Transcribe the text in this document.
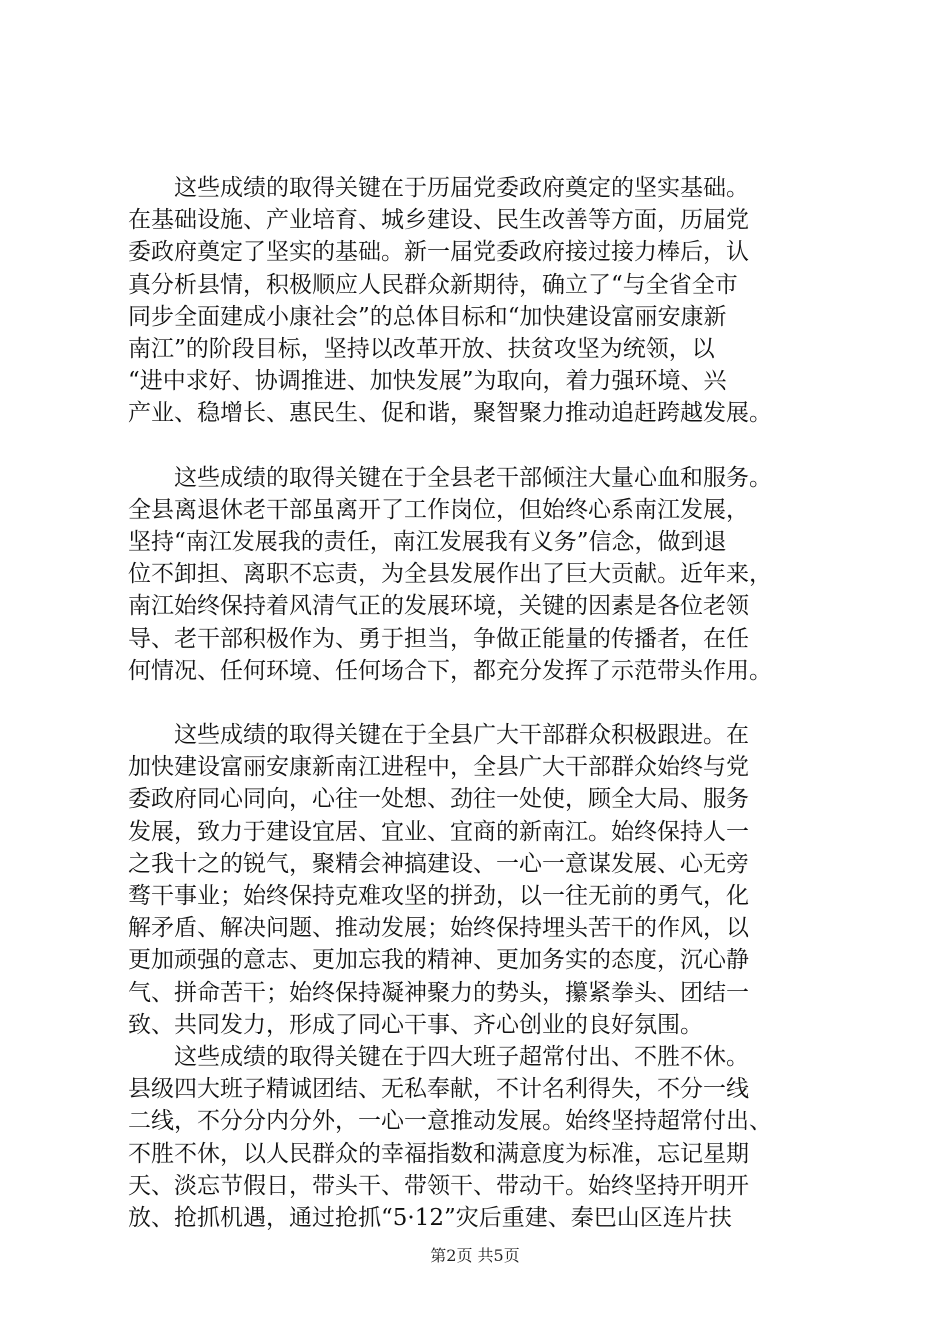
这些成绩的取得关键在于历届党委政府奠定的坚实基础。
在基础设施、产业培育、城乡建设、民生改善等方面，历届党
委政府奠定了坚实的基础。新一届党委政府接过接力棒后，认
真分析县情，积极顺应人民群众新期待，确立了“与全省全市
同步全面建成小康社会”的总体目标和“加快建设富丽安康新
南江”的阶段目标，坚持以改革开放、扶贫攻坚为统领，以
“进中求好、协调推进、加快发展”为取向，着力强环境、兴
产业、稳增长、惠民生、促和谐，聚智聚力推动追赶跨越发展。

这些成绩的取得关键在于全县老干部倾注大量心血和服务。
全县离退休老干部虽离开了工作岗位，但始终心系南江发展，
坚持“南江发展我的责任，南江发展我有义务”信念，做到退
位不卸担、离职不忘责，为全县发展作出了巨大贡献。近年来，
南江始终保持着风清气正的发展环境，关键的因素是各位老领
导、老干部积极作为、勇于担当，争做正能量的传播者，在任
何情况、任何环境、任何场合下，都充分发挥了示范带头作用。

这些成绩的取得关键在于全县广大干部群众积极跟进。在
加快建设富丽安康新南江进程中，全县广大干部群众始终与党
委政府同心同向，心往一处想、劲往一处使，顾全大局、服务
发展，致力于建设宜居、宜业、宜商的新南江。始终保持人一
之我十之的锐气，聚精会神搞建设、一心一意谋发展、心无旁
骛干事业；始终保持克难攻坚的拼劲，以一往无前的勇气，化
解矛盾、解决问题、推动发展；始终保持埋头苦干的作风，以
更加顽强的意志、更加忘我的精神、更加务实的态度，沉心静
气、拼命苦干；始终保持凝神聚力的势头，攥紧拳头、团结一
致、共同发力，形成了同心干事、齐心创业的良好氛围。

这些成绩的取得关键在于四大班子超常付出、不胜不休。
县级四大班子精诚团结、无私奉献，不计名利得失，不分一线
二线，不分分内分外，一心一意推动发展。始终坚持超常付出、
不胜不休，以人民群众的幸福指数和满意度为标准，忘记星期
天、淡忘节假日，带头干、带领干、带动干。始终坚持开明开
放、抢抓机遇，通过抢抓“5·12”灾后重建、秦巴山区连片扶

第2页 共5页
